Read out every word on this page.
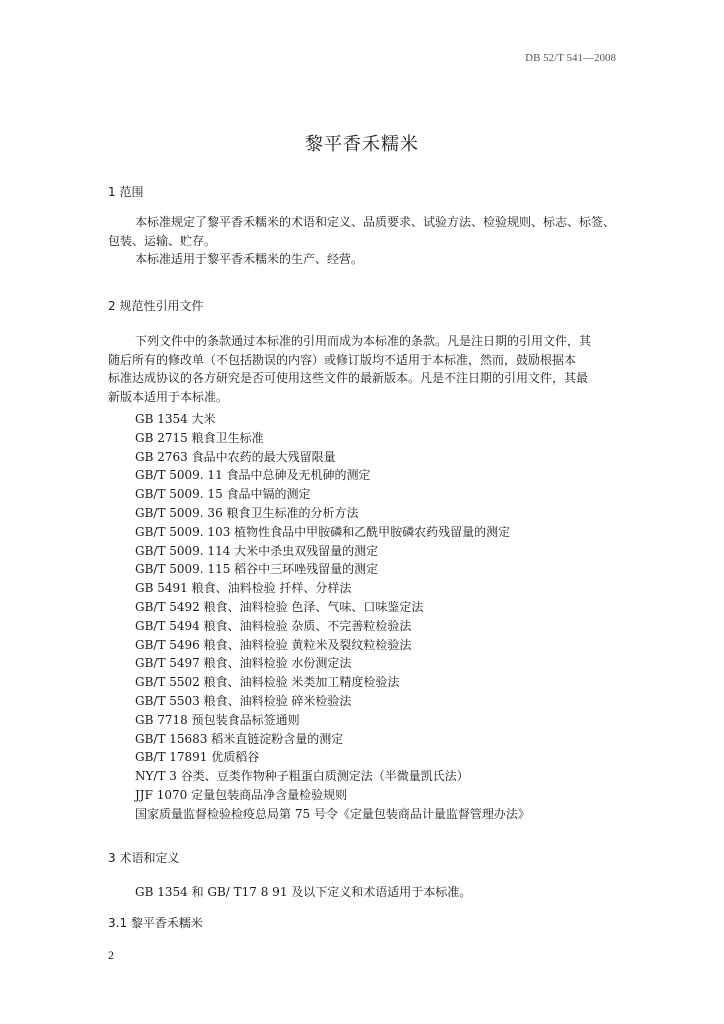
DB 52/T 541—2008
黎平香禾糯米
1 范围
本标准规定了黎平香禾糯米的术语和定义、品质要求、试验方法、检验规则、标志、标签、
包装、运输、贮存。
本标准适用于黎平香禾糯米的生产、经营。
2 规范性引用文件
下列文件中的条款通过本标准的引用而成为本标准的条款。凡是注日期的引用文件，其
随后所有的修改单（不包括勘误的内容）或修订版均不适用于本标准，然而，鼓励根据本
标准达成协议的各方研究是否可使用这些文件的最新版本。凡是不注日期的引用文件，其最
新版本适用于本标准。
GB 1354 大米
GB 2715 粮食卫生标准
GB 2763 食品中农药的最大残留限量
GB/T 5009. 11 食品中总砷及无机砷的测定
GB/T 5009. 15 食品中镉的测定
GB/T 5009. 36 粮食卫生标准的分析方法
GB/T 5009. 103 植物性食品中甲胺磷和乙酰甲胺磷农药残留量的测定
GB/T 5009. 114 大米中杀虫双残留量的测定
GB/T 5009. 115 稻谷中三环唑残留量的测定
GB 5491 粮食、油料检验 扦样、分样法
GB/T 5492 粮食、油料检验 色泽、气味、口味鉴定法
GB/T 5494 粮食、油料检验 杂质、不完善粒检验法
GB/T 5496 粮食、油料检验 黄粒米及裂纹粒检验法
GB/T 5497 粮食、油料检验 水份测定法
GB/T 5502 粮食、油料检验 米类加工精度检验法
GB/T 5503 粮食、油料检验 碎米检验法
GB 7718 预包装食品标签通则
GB/T 15683 稻米直链淀粉含量的测定
GB/T 17891 优质稻谷
NY/T 3 谷类、豆类作物种子粗蛋白质测定法（半微量凯氏法）
JJF 1070 定量包装商品净含量检验规则
国家质量监督检验检疫总局第 75 号令《定量包装商品计量监督管理办法》
3 术语和定义
GB 1354 和 GB/ T17 8 91 及以下定义和术语适用于本标准。
3.1 黎平香禾糯米
2
